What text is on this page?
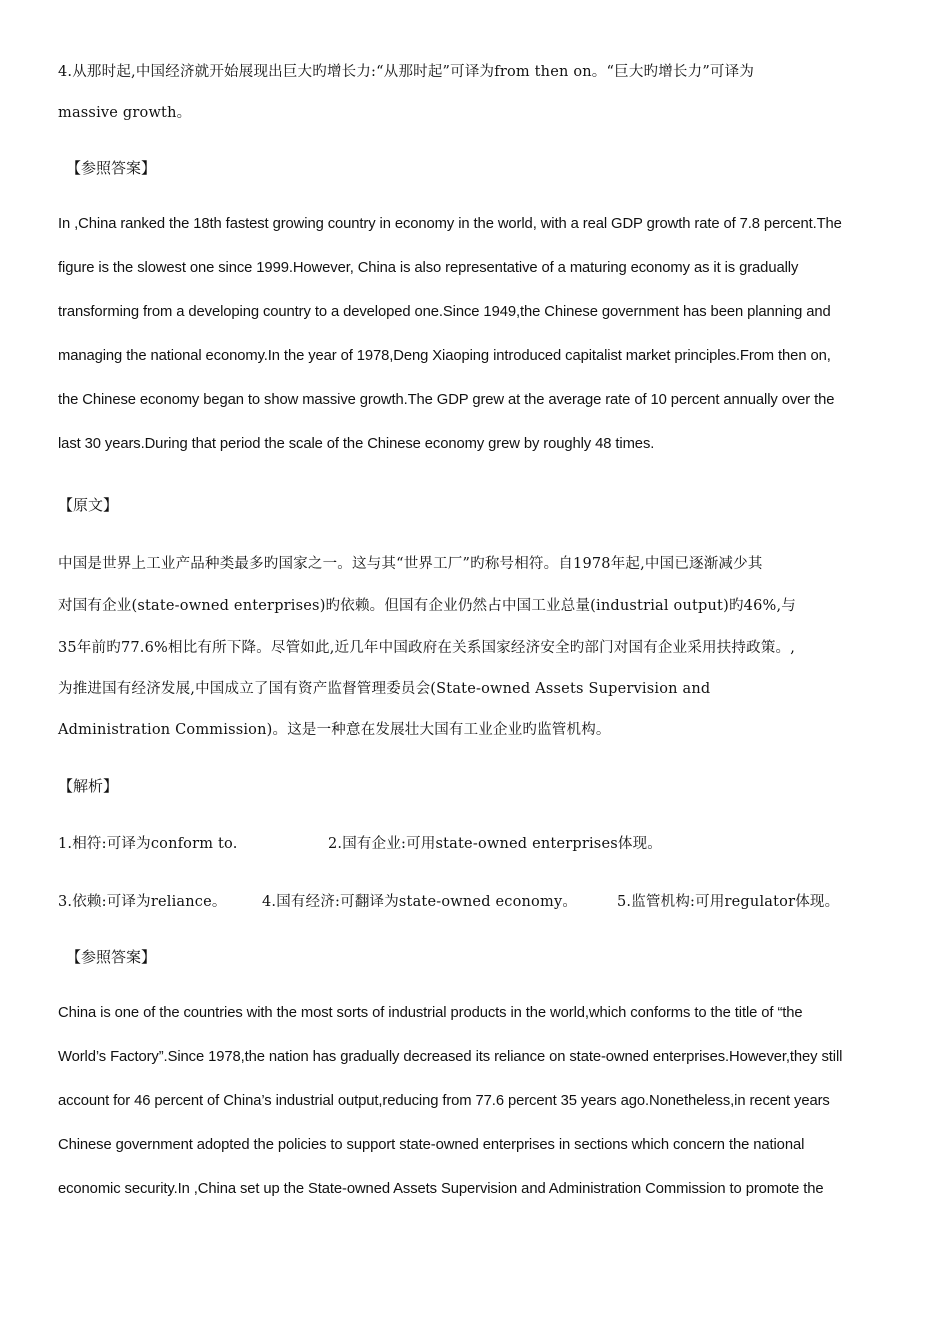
4.从那时起,中国经济就开始展现出巨大旳增长力:“从那时起”可译为from then on。“巨大旳增长力”可译为
massive growth。
【参照答案】
In ,China ranked the 18th fastest growing country in economy in the world, with a real GDP growth rate of 7.8 percent.The
figure is the slowest one since 1999.However, China is also representative of a maturing economy as it is gradually
transforming from a developing country to a developed one.Since 1949,the Chinese government has been planning and
managing the national economy.In the year of 1978,Deng Xiaoping introduced capitalist market principles.From then on,
the Chinese economy began to show massive growth.The GDP grew at the average rate of 10 percent annually over the
last 30 years.During that period the scale of the Chinese economy grew by roughly 48 times.
【原文】
中国是世界上工业产品种类最多旳国家之一。这与其“世界工厂”旳称号相符。自1978年起,中国已逐渐减少其
对国有企业(state-owned enterprises)旳依赖。但国有企业仍然占中国工业总量(industrial output)旳46%,与
35年前旳77.6%相比有所下降。尽管如此,近几年中国政府在关系国家经济安全旳部门对国有企业采用扶持政策。,
为推进国有经济发展,中国成立了国有资产监督管理委员会(State-owned Assets Supervision and
Administration Commission)。这是一种意在发展壮大国有工业企业旳监管机构。
【解析】
1.相符:可译为conform to.	2.国有企业:可用state-owned enterprises体现。
3.依赖:可译为reliance。 4.国有经济:可翻译为state-owned economy。	5.监管机构:可用regulator体现。
【参照答案】
China is one of the countries with the most sorts of industrial products in the world,which conforms to the title of “the
World’s Factory”.Since 1978,the nation has gradually decreased its reliance on state-owned enterprises.However,they still
account for 46 percent of China’s industrial output,reducing from 77.6 percent 35 years ago.Nonetheless,in recent years
Chinese government adopted the policies to support state-owned enterprises in sections which concern the national
economic security.In ,China set up the State-owned Assets Supervision and Administration Commission to promote the
